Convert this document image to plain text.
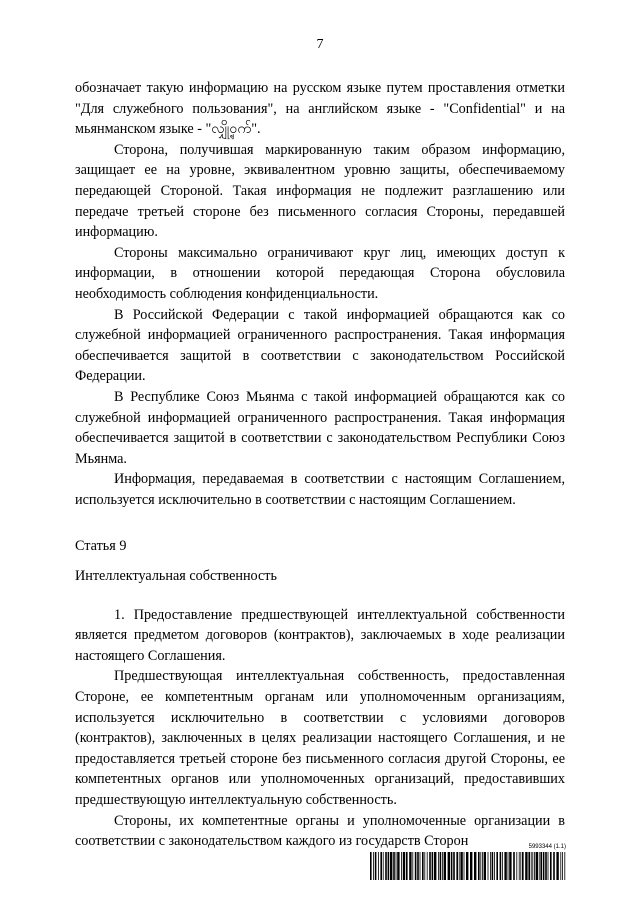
7

обозначает такую информацию на русском языке путем проставления отметки "Для служебного пользования", на английском языке - "Confidential" и на мьянманском языке - "လျှို့ဝှက်".

Сторона, получившая маркированную таким образом информацию, защищает ее на уровне, эквивалентном уровню защиты, обеспечиваемому передающей Стороной. Такая информация не подлежит разглашению или передаче третьей стороне без письменного согласия Стороны, передавшей информацию.

Стороны максимально ограничивают круг лиц, имеющих доступ к информации, в отношении которой передающая Сторона обусловила необходимость соблюдения конфиденциальности.

В Российской Федерации с такой информацией обращаются как со служебной информацией ограниченного распространения. Такая информация обеспечивается защитой в соответствии с законодательством Российской Федерации.

В Республике Союз Мьянма с такой информацией обращаются как со служебной информацией ограниченного распространения. Такая информация обеспечивается защитой в соответствии с законодательством Республики Союз Мьянма.

Информация, передаваемая в соответствии с настоящим Соглашением, используется исключительно в соответствии с настоящим Соглашением.

Статья 9

Интеллектуальная собственность

1. Предоставление предшествующей интеллектуальной собственности является предметом договоров (контрактов), заключаемых в ходе реализации настоящего Соглашения.

Предшествующая интеллектуальная собственность, предоставленная Стороне, ее компетентным органам или уполномоченным организациям, используется исключительно в соответствии с условиями договоров (контрактов), заключенных в целях реализации настоящего Соглашения, и не предоставляется третьей стороне без письменного согласия другой Стороны, ее компетентных органов или уполномоченных организаций, предоставивших предшествующую интеллектуальную собственность.

Стороны, их компетентные органы и уполномоченные организации в соответствии с законодательством каждого из государств Сторон	5993344 (1.1)
